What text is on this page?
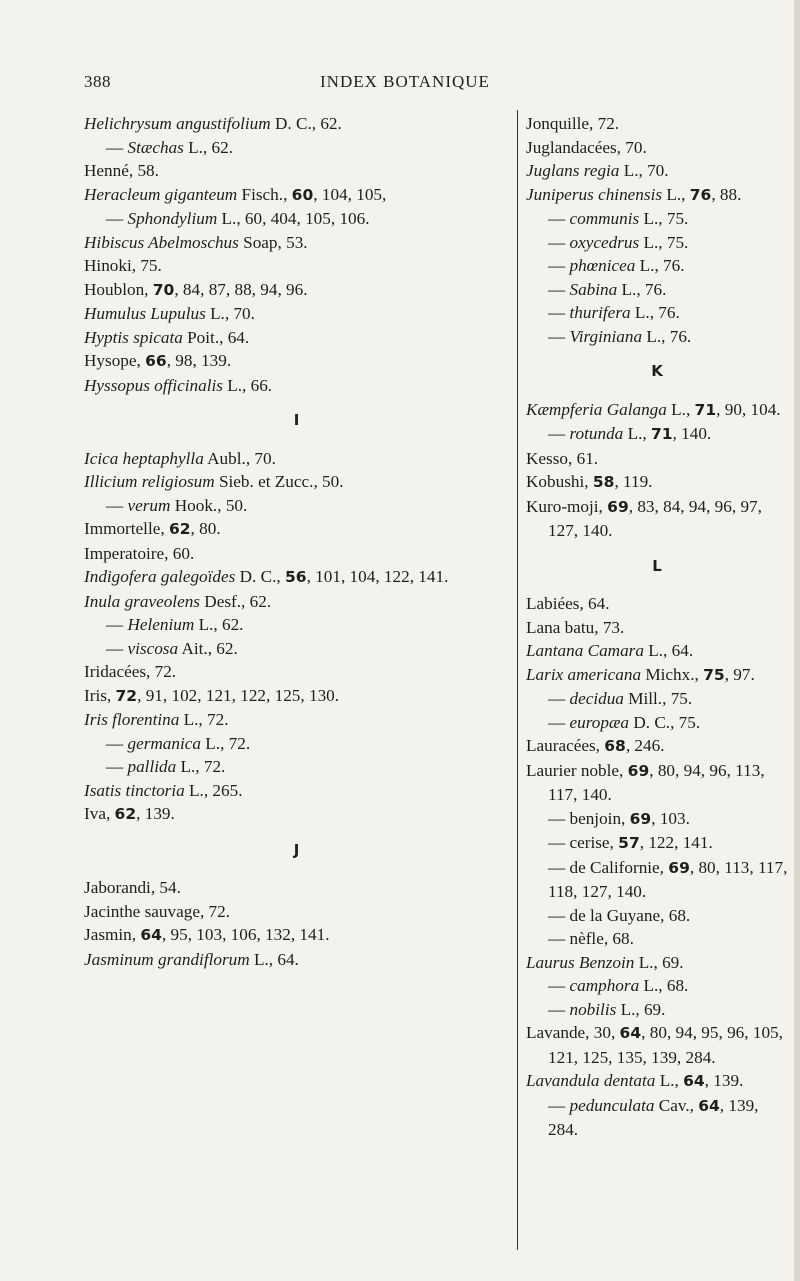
388	INDEX BOTANIQUE
Helichrysum angustifolium D. C., 62.
— Stæchas L., 62.
Henné, 58.
Heracleum giganteum Fisch., 60, 104, 105,
— Sphondylium L., 60, 404, 105, 106.
Hibiscus Abelmoschus Soap, 53.
Hinoki, 75.
Houblon, 70, 84, 87, 88, 94, 96.
Humulus Lupulus L., 70.
Hyptis spicata Poit., 64.
Hysope, 66, 98, 139.
Hyssopus officinalis L., 66.
I
Icica heptaphylla Aubl., 70.
Illicium religiosum Sieb. et Zucc., 50.
— verum Hook., 50.
Immortelle, 62, 80.
Imperatoire, 60.
Indigofera galegoïdes D. C., 56, 101, 104, 122, 141.
Inula graveolens Desf., 62.
— Helenium L., 62.
— viscosa Ait., 62.
Iridacées, 72.
Iris, 72, 91, 102, 121, 122, 125, 130.
Iris florentina L., 72.
— germanica L., 72.
— pallida L., 72.
Isatis tinctoria L., 265.
Iva, 62, 139.
J
Jaborandi, 54.
Jacinthe sauvage, 72.
Jasmin, 64, 95, 103, 106, 132, 141.
Jasminum grandiflorum L., 64.
Jonquille, 72.
Juglandacées, 70.
Juglans regia L., 70.
Juniperus chinensis L., 76, 88.
— communis L., 75.
— oxycedrus L., 75.
— phœnicea L., 76.
— Sabina L., 76.
— thurifera L., 76.
— Virginiana L., 76.
K
Kæmpferia Galanga L., 71, 90, 104.
— rotunda L., 71, 140.
Kesso, 61.
Kobushi, 58, 119.
Kuro-moji, 69, 83, 84, 94, 96, 97, 127, 140.
L
Labiées, 64.
Lana batu, 73.
Lantana Camara L., 64.
Larix americana Michx., 75, 97.
— decidua Mill., 75.
— europæa D. C., 75.
Lauracées, 68, 246.
Laurier noble, 69, 80, 94, 96, 113, 117, 140.
— benjoin, 69, 103.
— cerise, 57, 122, 141.
— de Californie, 69, 80, 113, 117, 118, 127, 140.
— de la Guyane, 68.
— nèfle, 68.
Laurus Benzoin L., 69.
— camphora L., 68.
— nobilis L., 69.
Lavande, 30, 64, 80, 94, 95, 96, 105, 121, 125, 135, 139, 284.
Lavandula dentata L., 64, 139.
— pedunculata Cav., 64, 139, 284.
